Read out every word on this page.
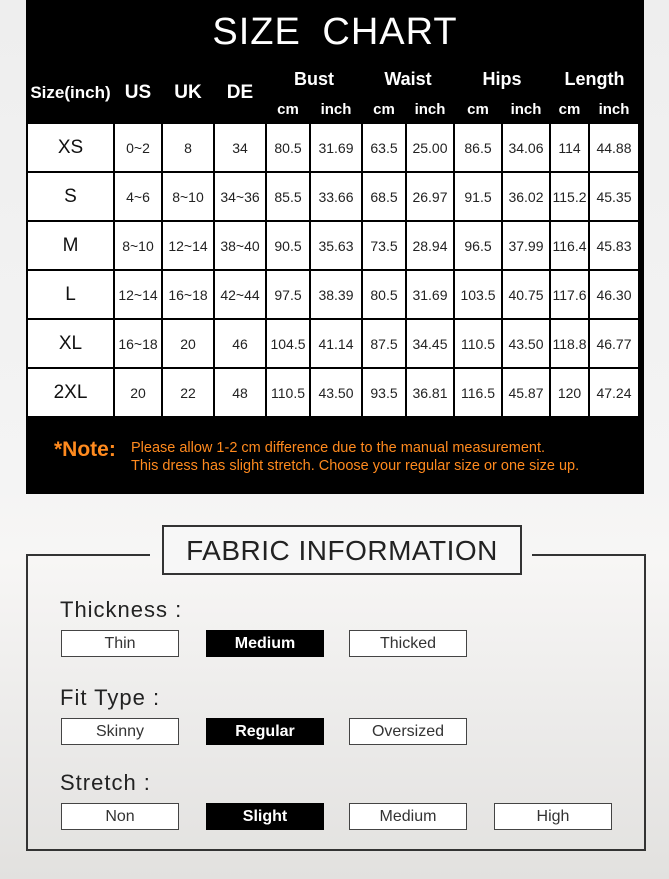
SIZE CHART
Size(inch)	US	UK	DE	Bust		Waist		Hips		Length	
				cm	inch	cm	inch	cm	inch	cm	inch
XS	0~2	8	34	80.5	31.69	63.5	25.00	86.5	34.06	114	44.88
S	4~6	8~10	34~36	85.5	33.66	68.5	26.97	91.5	36.02	115.2	45.35
M	8~10	12~14	38~40	90.5	35.63	73.5	28.94	96.5	37.99	116.4	45.83
L	12~14	16~18	42~44	97.5	38.39	80.5	31.69	103.5	40.75	117.6	46.30
XL	16~18	20	46	104.5	41.14	87.5	34.45	110.5	43.50	118.8	46.77
2XL	20	22	48	110.5	43.50	93.5	36.81	116.5	45.87	120	47.24
*Note: Please allow 1-2 cm difference due to the manual measurement.
This dress has slight stretch. Choose your regular size or one size up.
FABRIC INFORMATION
Thickness :
Thin	Medium	Thicked
Fit Type :
Skinny	Regular	Oversized
Stretch :
Non	Slight	Medium	High
